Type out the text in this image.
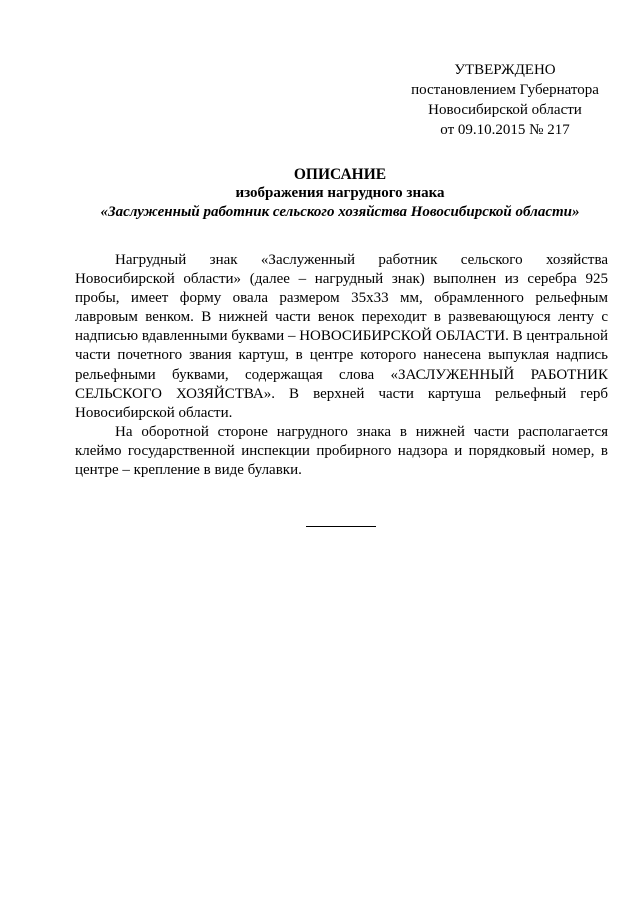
УТВЕРЖДЕНО
постановлением Губернатора
Новосибирской области
от 09.10.2015 № 217
ОПИСАНИЕ
изображения нагрудного знака
«Заслуженный работник сельского хозяйства Новосибирской области»

Нагрудный знак «Заслуженный работник сельского хозяйства Новосибирской области» (далее – нагрудный знак) выполнен из серебра 925 пробы, имеет форму овала размером 35х33 мм, обрамленного рельефным лавровым венком. В нижней части венок переходит в развевающуюся ленту с надписью вдавленными буквами – НОВОСИБИРСКОЙ ОБЛАСТИ. В центральной части почетного звания картуш, в центре которого нанесена выпуклая надпись рельефными буквами, содержащая слова «ЗАСЛУЖЕННЫЙ РАБОТНИК СЕЛЬСКОГО ХОЗЯЙСТВА». В верхней части картуша рельефный герб Новосибирской области.

На оборотной стороне нагрудного знака в нижней части располагается клеймо государственной инспекции пробирного надзора и порядковый номер, в центре – крепление в виде булавки.
